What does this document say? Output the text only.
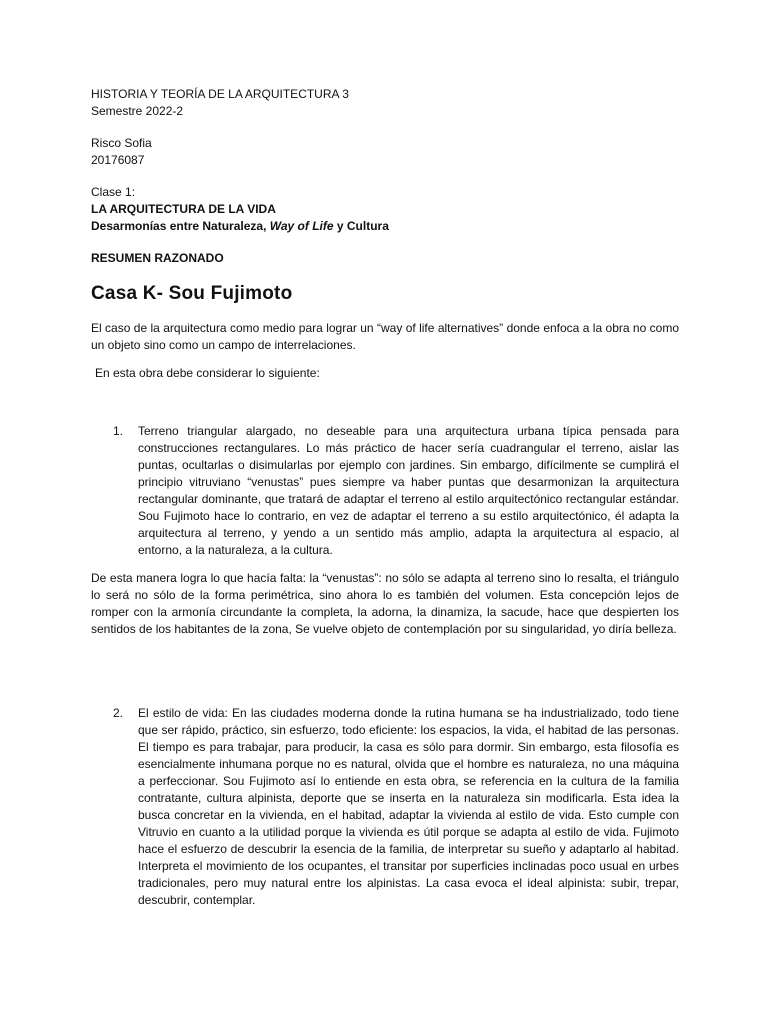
HISTORIA Y TEORÍA DE LA ARQUITECTURA 3
Semestre 2022-2
Risco Sofia
20176087
Clase 1:
LA ARQUITECTURA DE LA VIDA
Desarmonías entre Naturaleza, Way of Life y Cultura
RESUMEN RAZONADO
Casa K- Sou Fujimoto

El caso de la arquitectura como medio para lograr un “way of life alternatives” donde enfoca a la obra no como un objeto sino como un campo de interrelaciones.

En esta obra debe considerar lo siguiente:

1. Terreno triangular alargado, no deseable para una arquitectura urbana típica pensada para construcciones rectangulares. Lo más práctico de hacer sería cuadrangular el terreno, aislar las puntas, ocultarlas o disimularlas por ejemplo con jardines. Sin embargo, difícilmente se cumplirá el principio vitruviano “venustas” pues siempre va haber puntas que desarmonizan la arquitectura rectangular dominante, que tratará de adaptar el terreno al estilo arquitectónico rectangular estándar. Sou Fujimoto hace lo contrario, en vez de adaptar el terreno a su estilo arquitectónico, él adapta la arquitectura al terreno, y yendo a un sentido más amplio, adapta la arquitectura al espacio, al entorno, a la naturaleza, a la cultura.

De esta manera logra lo que hacía falta: la “venustas”: no sólo se adapta al terreno sino lo resalta, el triángulo lo será no sólo de la forma perimétrica, sino ahora lo es también del volumen. Esta concepción lejos de romper con la armonía circundante la completa, la adorna, la dinamiza, la sacude, hace que despierten los sentidos de los habitantes de la zona, Se vuelve objeto de contemplación por su singularidad, yo diría belleza.

2. El estilo de vida: En las ciudades moderna donde la rutina humana se ha industrializado, todo tiene que ser rápido, práctico, sin esfuerzo, todo eficiente: los espacios, la vida, el habitad de las personas. El tiempo es para trabajar, para producir, la casa es sólo para dormir. Sin embargo, esta filosofía es esencialmente inhumana porque no es natural, olvida que el hombre es naturaleza, no una máquina a perfeccionar. Sou Fujimoto así lo entiende en esta obra, se referencia en la cultura de la familia contratante, cultura alpinista, deporte que se inserta en la naturaleza sin modificarla. Esta idea la busca concretar en la vivienda, en el habitad, adaptar la vivienda al estilo de vida. Esto cumple con Vitruvio en cuanto a la utilidad porque la vivienda es útil porque se adapta al estilo de vida. Fujimoto hace el esfuerzo de descubrir la esencia de la familia, de interpretar su sueño y adaptarlo al habitad. Interpreta el movimiento de los ocupantes, el transitar por superficies inclinadas poco usual en urbes tradicionales, pero muy natural entre los alpinistas. La casa evoca el ideal alpinista: subir, trepar, descubrir, contemplar.
